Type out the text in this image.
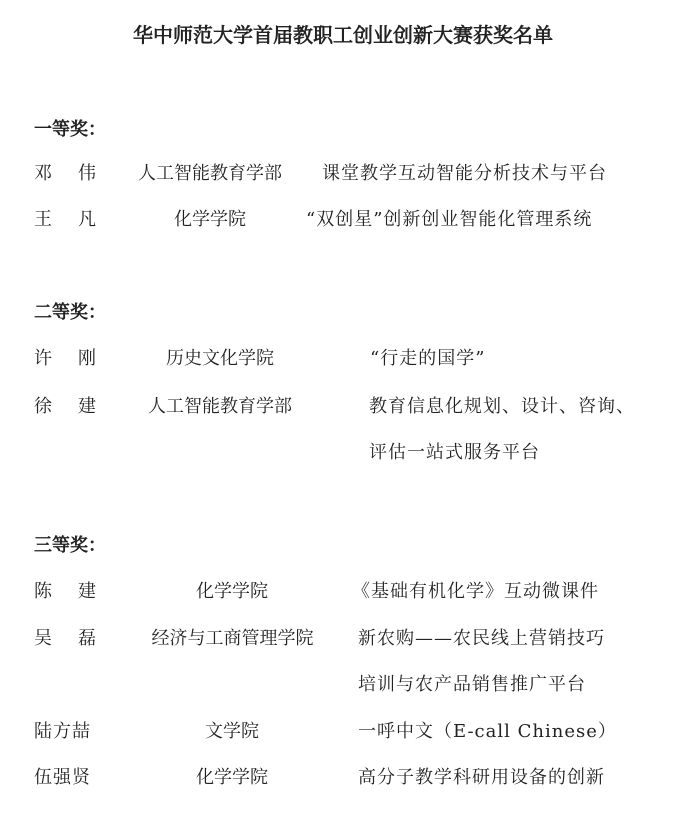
华中师范大学首届教职工创业创新大赛获奖名单
一等奖：
邓伟 人工智能教育学部	课堂教学互动智能分析技术与平台
王凡	化学学院	“双创星”创新创业智能化管理系统
二等奖：
许刚	历史文化学院	“行走的国学”
徐建	人工智能教育学部	教育信息化规划、设计、咨询、
评估一站式服务平台
三等奖：
陈建	化学学院	《基础有机化学》互动微课件
吴磊	经济与工商管理学院	新农购——农民线上营销技巧
培训与农产品销售推广平台
陆方喆	文学院	一呼中文（E-call Chinese）
伍强贤	化学学院	高分子教学科研用设备的创新
